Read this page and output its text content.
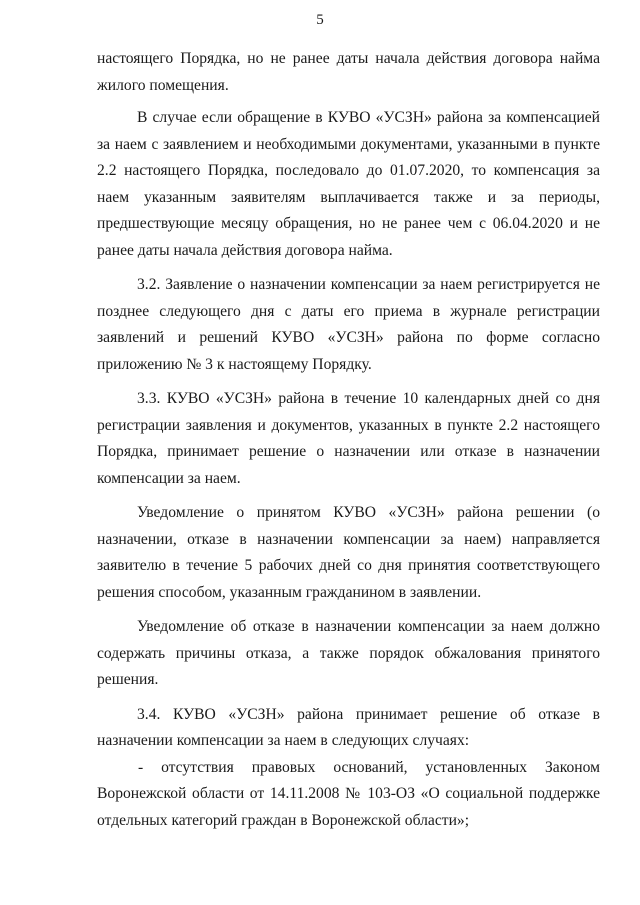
5

настоящего Порядка, но не ранее даты начала действия договора найма жилого помещения.

В случае если обращение в КУВО «УСЗН» района за компенсацией за наем с заявлением и необходимыми документами, указанными в пункте 2.2 настоящего Порядка, последовало до 01.07.2020, то компенсация за наем указанным заявителям выплачивается также и за периоды, предшествующие месяцу обращения, но не ранее чем с 06.04.2020 и не ранее даты начала действия договора найма.

3.2. Заявление о назначении компенсации за наем регистрируется не позднее следующего дня с даты его приема в журнале регистрации заявлений и решений КУВО «УСЗН» района по форме согласно приложению № 3 к настоящему Порядку.

3.3. КУВО «УСЗН» района в течение 10 календарных дней со дня регистрации заявления и документов, указанных в пункте 2.2 настоящего Порядка, принимает решение о назначении или отказе в назначении компенсации за наем.

Уведомление о принятом КУВО «УСЗН» района решении (о назначении, отказе в назначении компенсации за наем) направляется заявителю в течение 5 рабочих дней со дня принятия соответствующего решения способом, указанным гражданином в заявлении.

Уведомление об отказе в назначении компенсации за наем должно содержать причины отказа, а также порядок обжалования принятого решения.

3.4. КУВО «УСЗН» района принимает решение об отказе в назначении компенсации за наем в следующих случаях:

- отсутствия правовых оснований, установленных Законом Воронежской области от 14.11.2008 № 103-ОЗ «О социальной поддержке отдельных категорий граждан в Воронежской области»;
